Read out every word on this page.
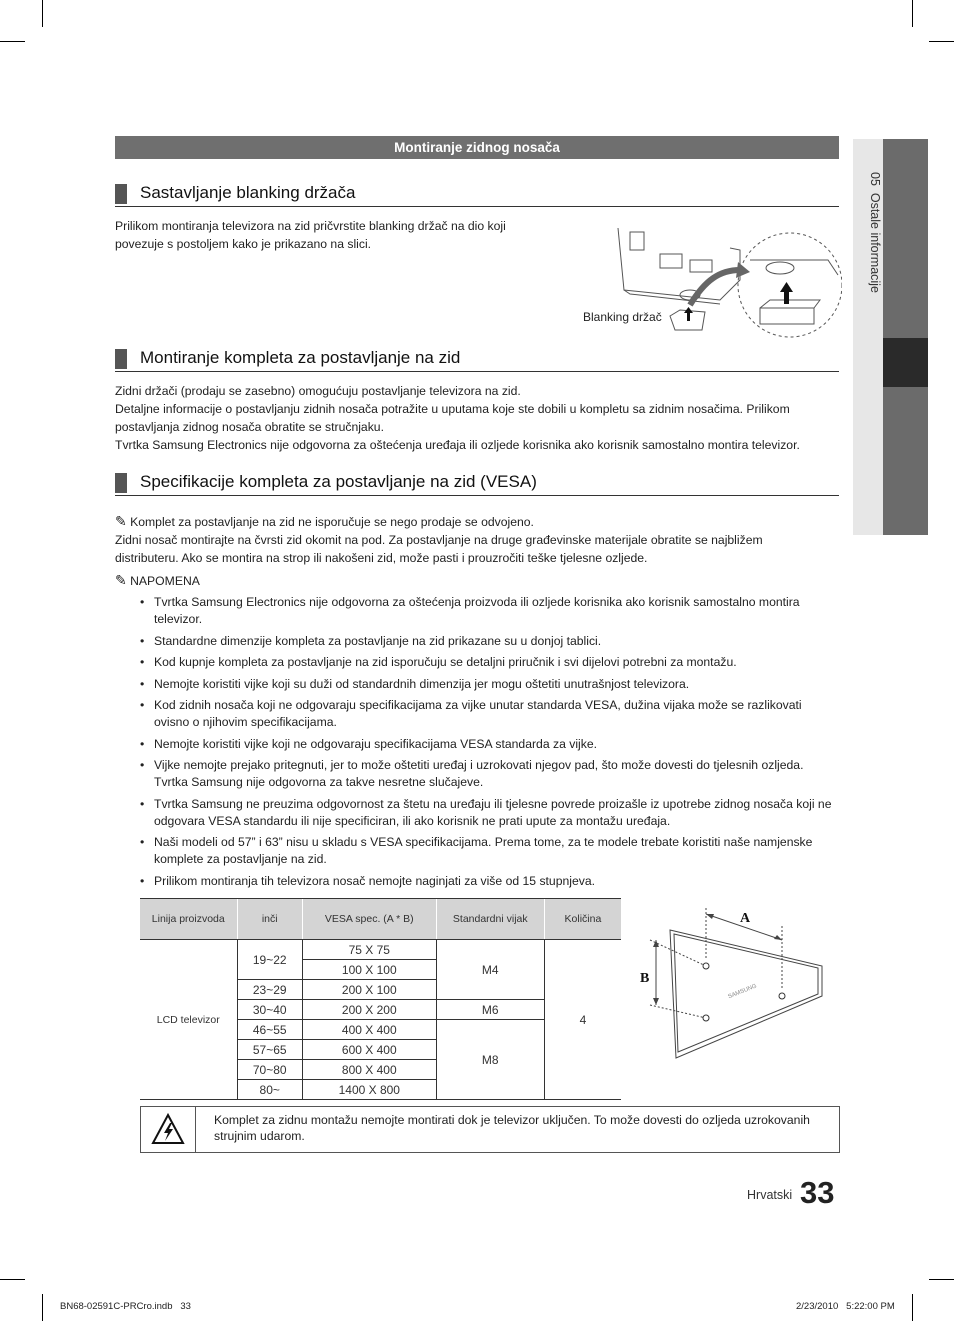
05  Ostale informacije
Montiranje zidnog nosača
Sastavljanje blanking držača
Prilikom montiranja televizora na zid pričvrstite blanking držač na dio koji
povezuje s postoljem kako je prikazano na slici.
Blanking držač
Montiranje kompleta za postavljanje na zid
Zidni držači (prodaju se zasebno) omogućuju postavljanje televizora na zid.
Detaljne informacije o postavljanju zidnih nosača potražite u uputama koje ste dobili u kompletu sa zidnim nosačima. Prilikom
postavljanja zidnog nosača obratite se stručnjaku.
Tvrtka Samsung Electronics nije odgovorna za oštećenja uređaja ili ozljede korisnika ako korisnik samostalno montira televizor.
Specifikacije kompleta za postavljanje na zid (VESA)
✎ Komplet za postavljanje na zid ne isporučuje se nego prodaje se odvojeno.
Zidni nosač montirajte na čvrsti zid okomit na pod. Za postavljanje na druge građevinske materijale obratite se najbližem
distributeru. Ako se montira na strop ili nakošeni zid, može pasti i prouzročiti teške tjelesne ozljede.
✎ NAPOMENA
• Tvrtka Samsung Electronics nije odgovorna za oštećenja proizvoda ili ozljede korisnika ako korisnik samostalno montira televizor.
• Standardne dimenzije kompleta za postavljanje na zid prikazane su u donjoj tablici.
• Kod kupnje kompleta za postavljanje na zid isporučuju se detaljni priručnik i svi dijelovi potrebni za montažu.
• Nemojte koristiti vijke koji su duži od standardnih dimenzija jer mogu oštetiti unutrašnjost televizora.
• Kod zidnih nosača koji ne odgovaraju specifikacijama za vijke unutar standarda VESA, dužina vijaka može se razlikovati ovisno o njihovim specifikacijama.
• Nemojte koristiti vijke koji ne odgovaraju specifikacijama VESA standarda za vijke.
• Vijke nemojte prejako pritegnuti, jer to može oštetiti uređaj i uzrokovati njegov pad, što može dovesti do tjelesnih ozljeda. Tvrtka Samsung nije odgovorna za takve nesretne slučajeve.
• Tvrtka Samsung ne preuzima odgovornost za štetu na uređaju ili tjelesne povrede proizašle iz upotrebe zidnog nosača koji ne odgovara VESA standardu ili nije specificiran, ili ako korisnik ne prati upute za montažu uređaja.
• Naši modeli od 57” i 63” nisu u skladu s VESA specifikacijama. Prema tome, za te modele trebate koristiti naše namjenske komplete za postavljanje na zid.
• Prilikom montiranja tih televizora nosač nemojte naginjati za više od 15 stupnjeva.
Linija proizvoda	inči	VESA spec. (A * B)	Standardni vijak	Količina
LCD televizor	19~22	75 X 75	M4	4
		100 X 100		
	23~29	200 X 100		
	30~40	200 X 200	M6	
	46~55	400 X 400	M8	
	57~65	600 X 400		
	70~80	800 X 400		
	80~	1400 X 800		
A
B
SAMSUNG
Komplet za zidnu montažu nemojte montirati dok je televizor uključen. To može dovesti do ozljeda uzrokovanih strujnim udarom.
Hrvatski 33
BN68-02591C-PRCro.indb   33	2/23/2010   5:22:00 PM
